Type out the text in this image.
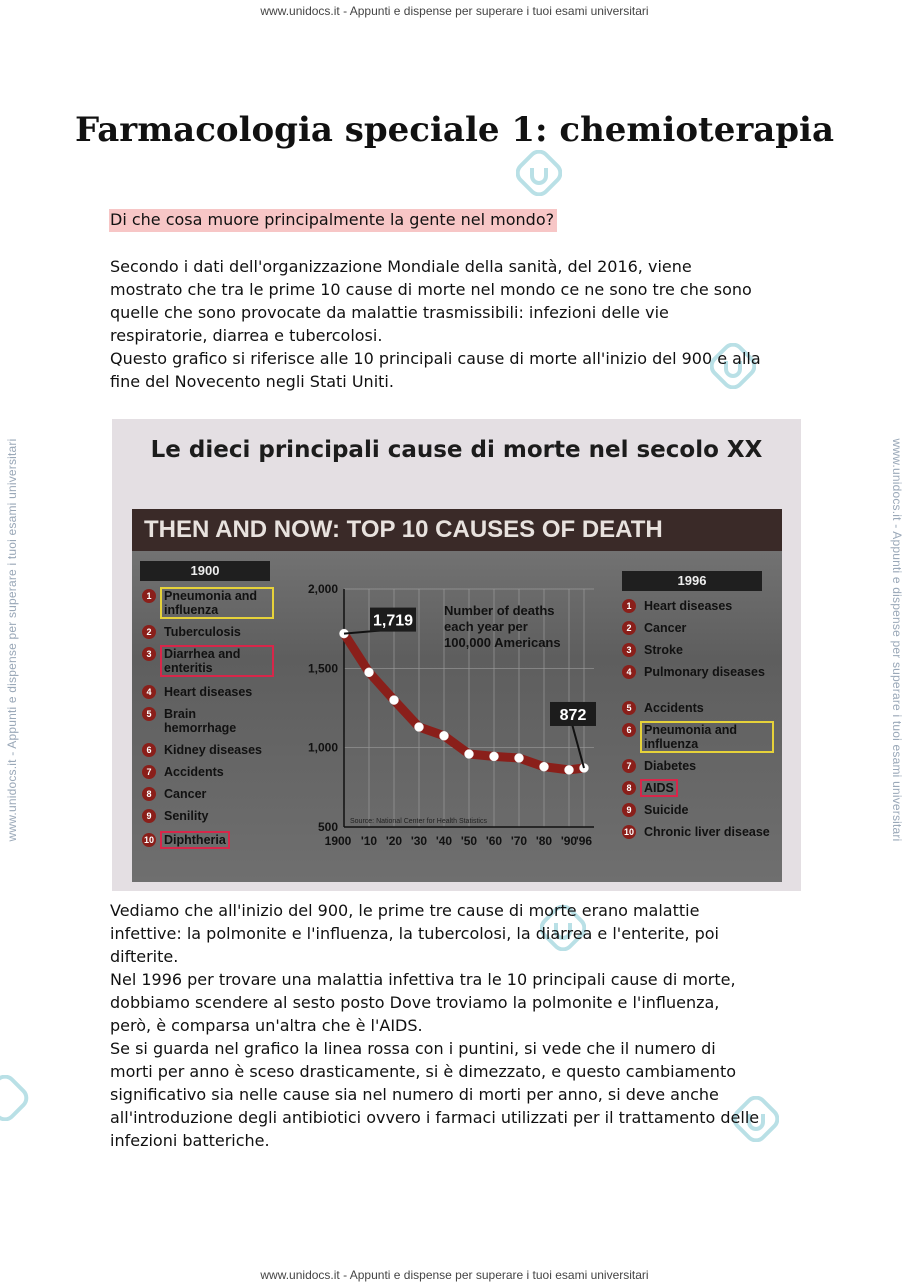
www.unidocs.it - Appunti e dispense per superare i tuoi esami universitari
www.unidocs.it - Appunti e dispense per superare i tuoi esami universitari
www.unidocs.it - Appunti e dispense per superare i tuoi esami universitari	www.unidocs.it - Appunti e dispense per superare i tuoi esami universitari
Farmacologia speciale 1: chemioterapia
Di che cosa muore principalmente la gente nel mondo?
Secondo i dati dell'organizzazione Mondiale della sanità, del 2016, viene
mostrato che tra le prime 10 cause di morte nel mondo ce ne sono tre che sono
quelle che sono provocate da malattie trasmissibili: infezioni delle vie
respiratorie, diarrea e tubercolosi.
Questo grafico si riferisce alle 10 principali cause di morte all'inizio del 900 e alla
fine del Novecento negli Stati Uniti.
Le dieci principali cause di morte nel secolo XX
THEN AND NOW: TOP 10 CAUSES OF DEATH
1900
1	Pneumonia and influenza
2	Tuberculosis
3	Diarrhea and enteritis
4	Heart diseases
5	Brain hemorrhage
6	Kidney diseases
7	Accidents
8	Cancer
9	Senility
10 Diphtheria
1996
1	Heart diseases
2	Cancer
3	Stroke
4	Pulmonary diseases
5	Accidents
6	Pneumonia and influenza
7	Diabetes
8	AIDS
9	Suicide
10 Chronic liver disease
Number of deaths
each year per
100,000 Americans
Source: National Center for Health Statistics
500
1,000
1,500
2,000
1900 '10 '20 '30 '40 '50 '60 '70 '80 '90
'96
1,719
872
Vediamo che all'inizio del 900, le prime tre cause di morte erano malattie
infettive: la polmonite e l'influenza, la tubercolosi, la diarrea e l'enterite, poi
difterite.
Nel 1996 per trovare una malattia infettiva tra le 10 principali cause di morte,
dobbiamo scendere al sesto posto Dove troviamo la polmonite e l'influenza,
però, è comparsa un'altra che è l'AIDS.
Se si guarda nel grafico la linea rossa con i puntini, si vede che il numero di
morti per anno è sceso drasticamente, si è dimezzato, e questo cambiamento
significativo sia nelle cause sia nel numero di morti per anno, si deve anche
all'introduzione degli antibiotici ovvero i farmaci utilizzati per il trattamento delle
infezioni batteriche.
